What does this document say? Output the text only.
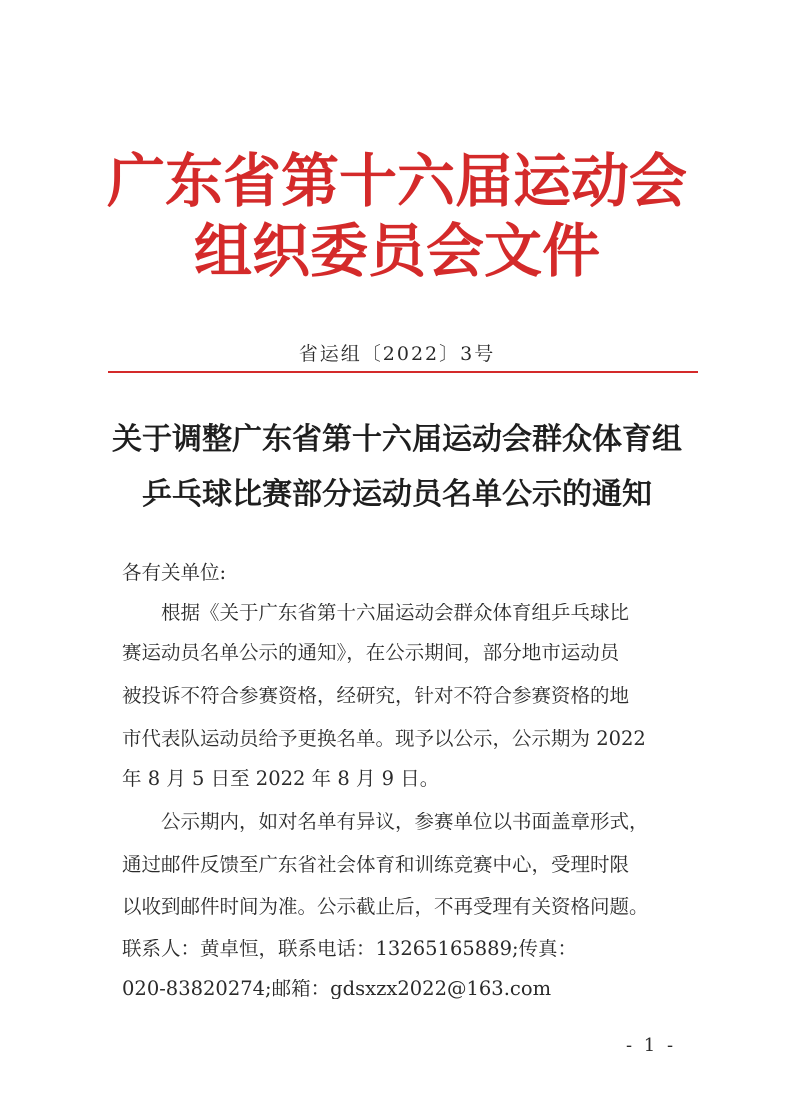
广东省第十六届运动会
组织委员会文件
省运组〔2022〕3号
关于调整广东省第十六届运动会群众体育组
乒乓球比赛部分运动员名单公示的通知
各有关单位:
　　根据《关于广东省第十六届运动会群众体育组乒乓球比
赛运动员名单公示的通知》，在公示期间，部分地市运动员
被投诉不符合参赛资格，经研究，针对不符合参赛资格的地
市代表队运动员给予更换名单。现予以公示，公示期为 2022
年 8 月 5 日至 2022 年 8 月 9 日。
　　公示期内，如对名单有异议，参赛单位以书面盖章形式，
通过邮件反馈至广东省社会体育和训练竞赛中心，受理时限
以收到邮件时间为准。公示截止后，不再受理有关资格问题。
联系人：黄卓恒，联系电话：13265165889;传真：
020-83820274;邮箱：gdsxzx2022@163.com
- 1 -
